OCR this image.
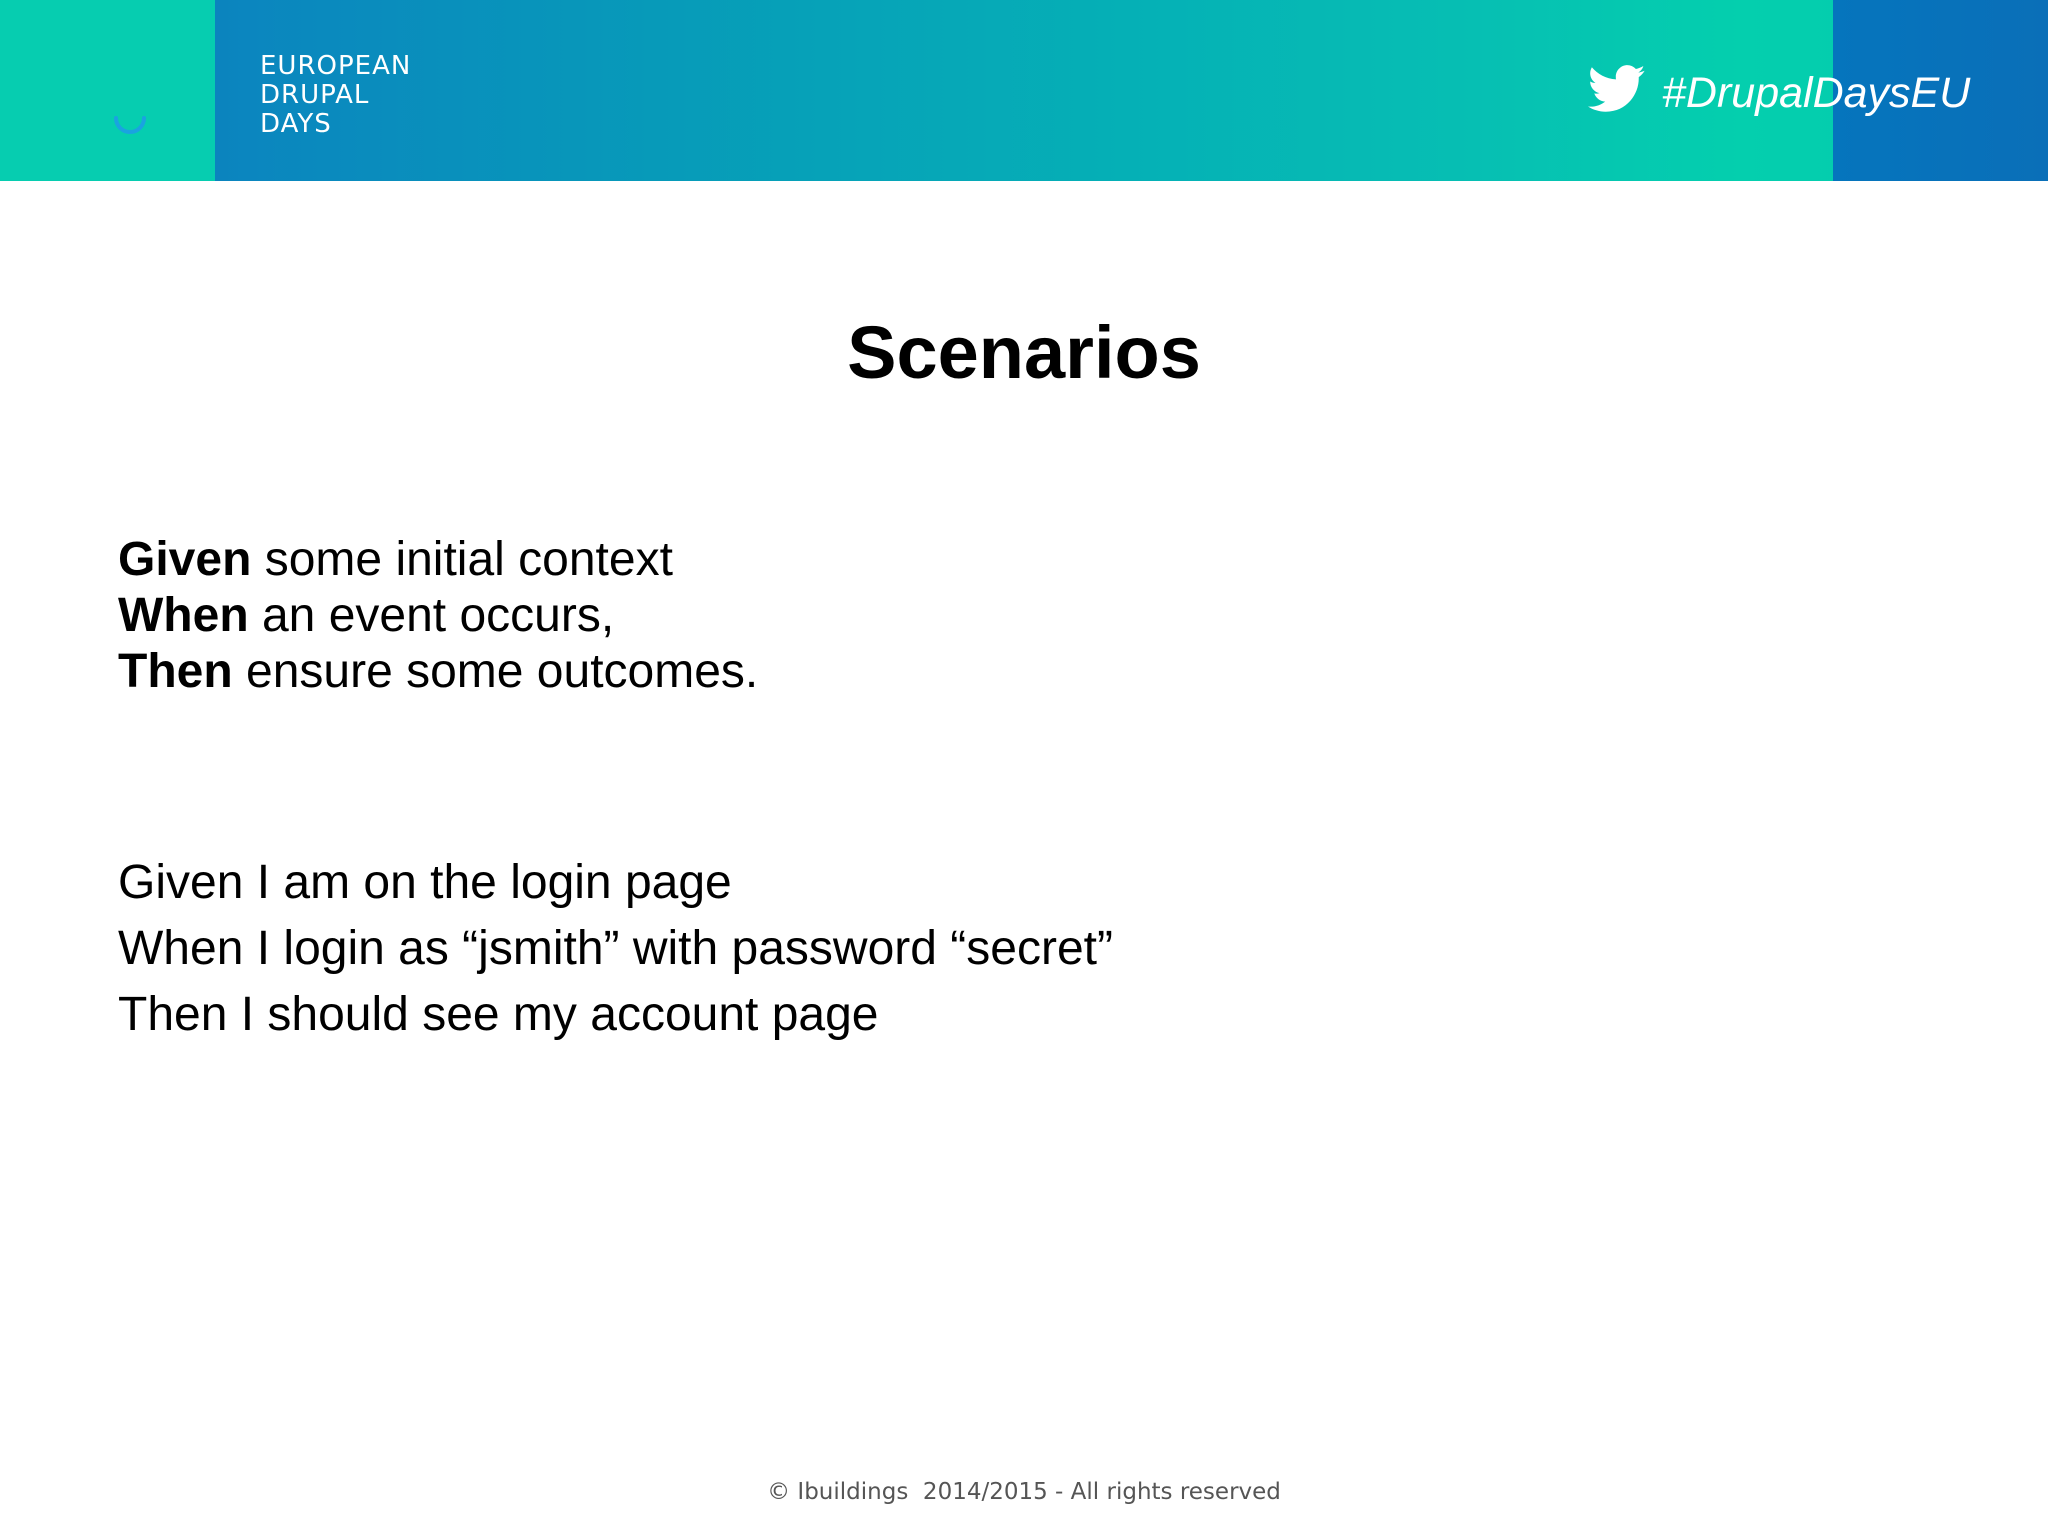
EUROPEAN
DRUPAL
DAYS
#DrupalDaysEU
Scenarios
Given some initial context
When an event occurs,
Then ensure some outcomes.
Given I am on the login page
When I login as “jsmith” with password “secret”
Then I should see my account page
© Ibuildings  2014/2015 - All rights reserved
